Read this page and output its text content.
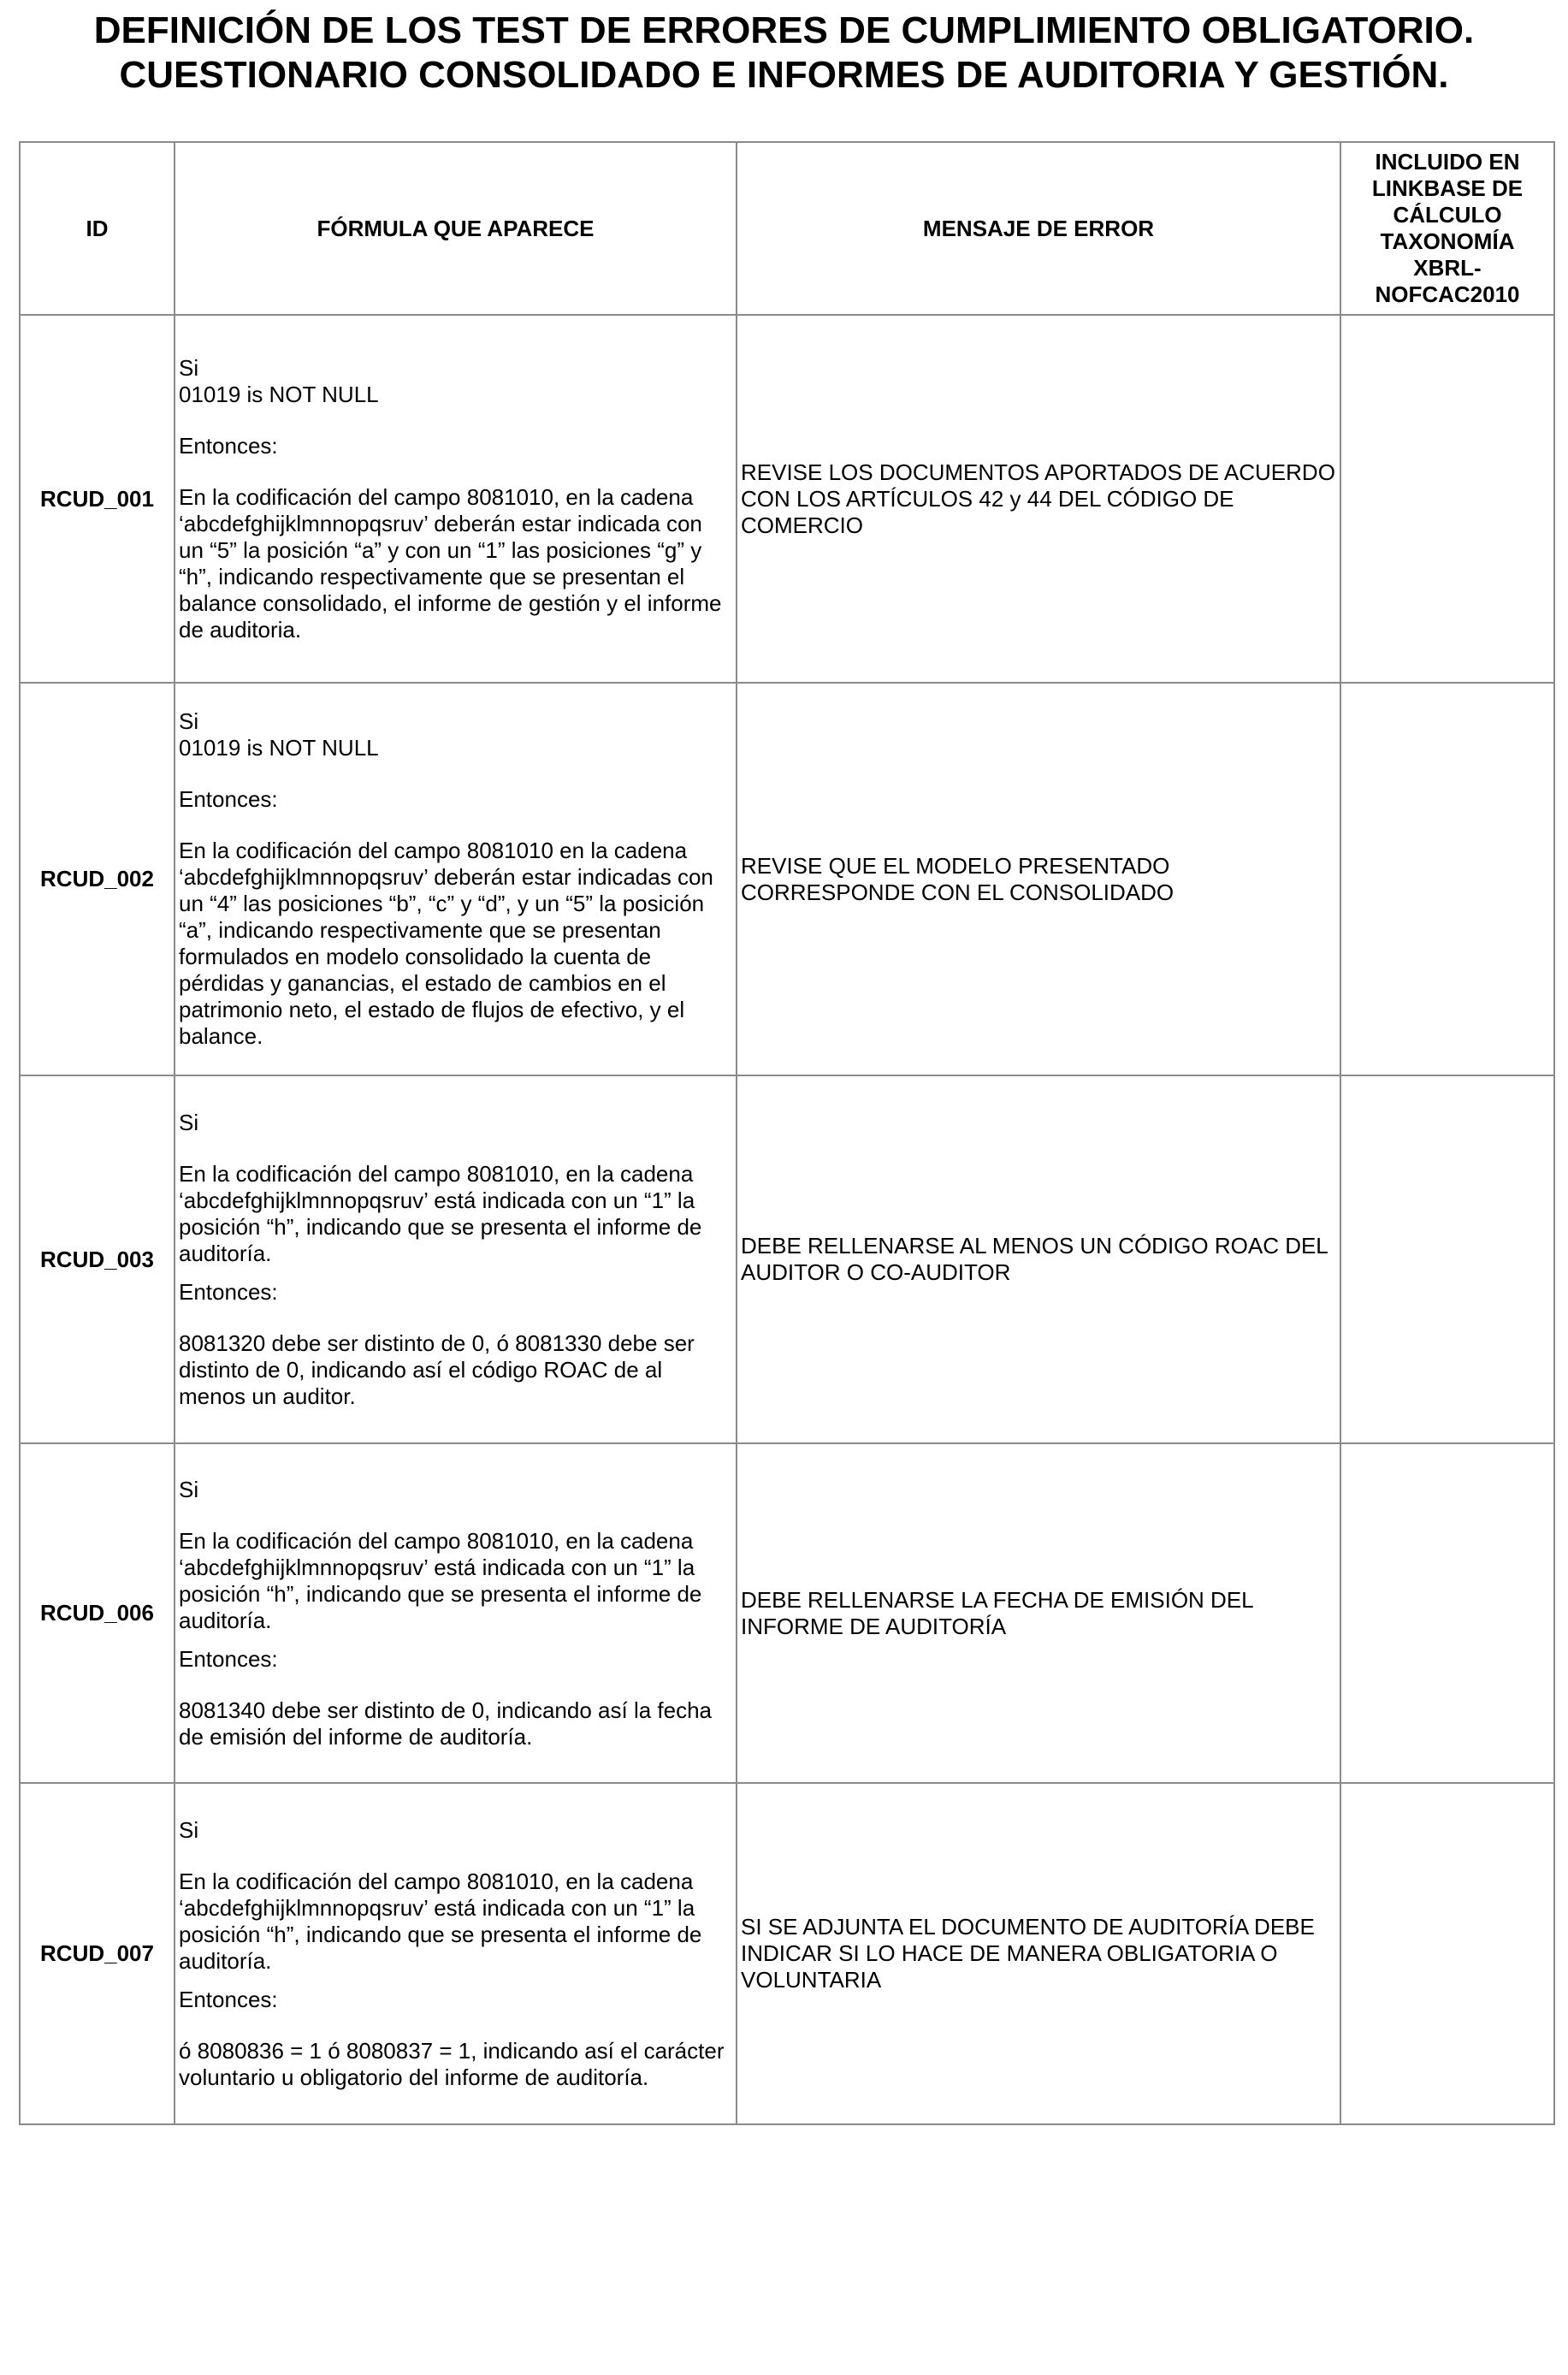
DEFINICIÓN DE LOS TEST DE ERRORES DE CUMPLIMIENTO OBLIGATORIO.
CUESTIONARIO CONSOLIDADO E INFORMES DE AUDITORIA Y GESTIÓN.
ID	FÓRMULA QUE APARECE	MENSAJE DE ERROR	INCLUIDO EN LINKBASE DE CÁLCULO TAXONOMÍA XBRL-NOFCAC2010
RCUD_001	Si

01019 is NOT NULL

Entonces:

En la codificación del campo 8081010, en la cadena ‘abcdefghijklmnnopqsruv’ deberán estar indicada con un “5” la posición “a” y con un “1” las posiciones “g” y “h”, indicando respectivamente que se presentan el balance consolidado, el informe de gestión y el informe de auditoria.	REVISE LOS DOCUMENTOS APORTADOS DE ACUERDO CON LOS ARTÍCULOS 42 y 44 DEL CÓDIGO DE COMERCIO	
RCUD_002	Si

01019 is NOT NULL

Entonces:

En la codificación del campo 8081010 en la cadena ‘abcdefghijklmnnopqsruv’ deberán estar indicadas con un “4” las posiciones “b”, “c” y “d”, y un “5” la posición “a”, indicando respectivamente que se presentan formulados en modelo consolidado la cuenta de pérdidas y ganancias, el estado de cambios en el patrimonio neto, el estado de flujos de efectivo, y el balance.	REVISE QUE EL MODELO PRESENTADO CORRESPONDE CON EL CONSOLIDADO	
RCUD_003	Si

En la codificación del campo 8081010, en la cadena ‘abcdefghijklmnnopqsruv’ está indicada con un “1” la posición “h”, indicando que se presenta el informe de auditoría.

Entonces:

8081320 debe ser distinto de 0, ó 8081330 debe ser distinto de 0, indicando así el código ROAC de al menos un auditor.	DEBE RELLENARSE AL MENOS UN CÓDIGO ROAC DEL AUDITOR O CO-AUDITOR	
RCUD_006	Si

En la codificación del campo 8081010, en la cadena ‘abcdefghijklmnnopqsruv’ está indicada con un “1” la posición “h”, indicando que se presenta el informe de auditoría.

Entonces:

8081340 debe ser distinto de 0, indicando así la fecha de emisión del informe de auditoría.	DEBE RELLENARSE LA FECHA DE EMISIÓN DEL INFORME DE AUDITORÍA	
RCUD_007	Si

En la codificación del campo 8081010, en la cadena ‘abcdefghijklmnnopqsruv’ está indicada con un “1” la posición “h”, indicando que se presenta el informe de auditoría.

Entonces:

ó 8080836 = 1 ó 8080837 = 1, indicando así el carácter voluntario u obligatorio del informe de auditoría.	SI SE ADJUNTA EL DOCUMENTO DE AUDITORÍA DEBE INDICAR SI LO HACE DE MANERA OBLIGATORIA O VOLUNTARIA	
